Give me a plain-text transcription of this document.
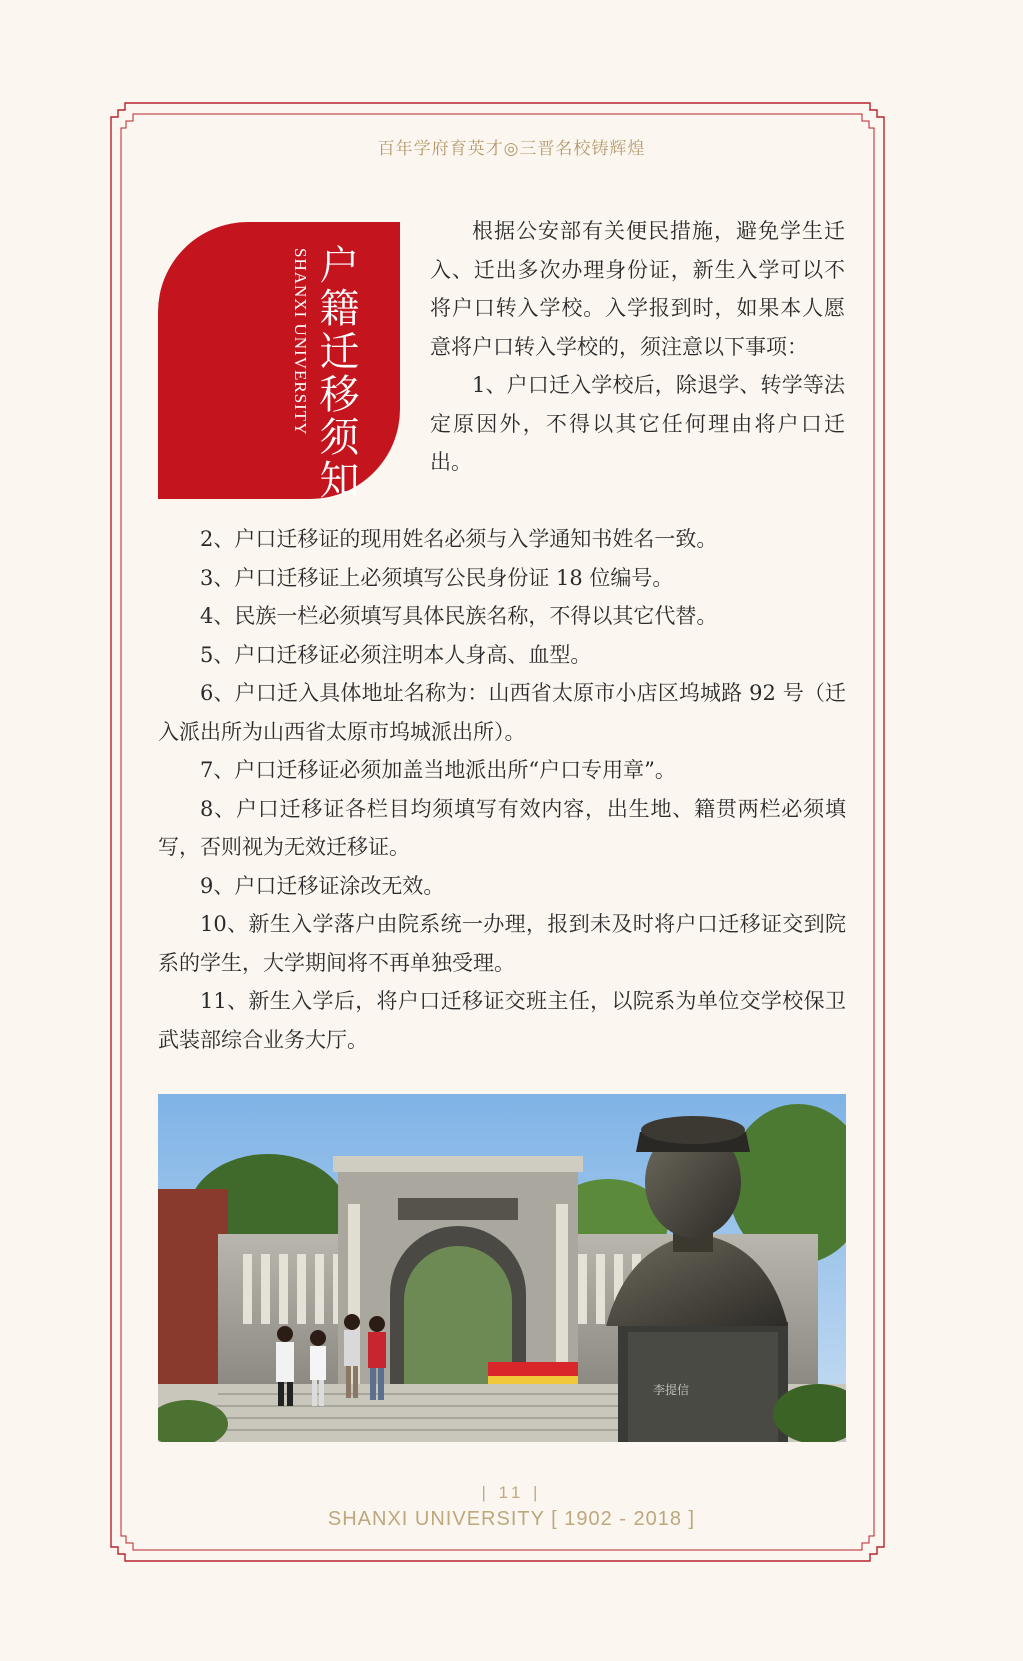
百年学府育英才◎三晋名校铸辉煌
SHANXI UNIVERSITY 户籍迁移须知

根据公安部有关便民措施，避免学生迁入、迁出多次办理身份证，新生入学可以不将户口转入学校。入学报到时，如果本人愿意将户口转入学校的，须注意以下事项：

1、户口迁入学校后，除退学、转学等法定原因外，不得以其它任何理由将户口迁出。

2、户口迁移证的现用姓名必须与入学通知书姓名一致。

3、户口迁移证上必须填写公民身份证 18 位编号。

4、民族一栏必须填写具体民族名称，不得以其它代替。

5、户口迁移证必须注明本人身高、血型。

6、户口迁入具体地址名称为：山西省太原市小店区坞城路 92 号（迁入派出所为山西省太原市坞城派出所）。

7、户口迁移证必须加盖当地派出所“户口专用章”。

8、户口迁移证各栏目均须填写有效内容，出生地、籍贯两栏必须填写，否则视为无效迁移证。

9、户口迁移证涂改无效。

10、新生入学落户由院系统一办理，报到未及时将户口迁移证交到院系的学生，大学期间将不再单独受理。

11、新生入学后，将户口迁移证交班主任，以院系为单位交学校保卫武装部综合业务大厅。

李提信
| 11 |
SHANXI UNIVERSITY [ 1902 - 2018 ]
